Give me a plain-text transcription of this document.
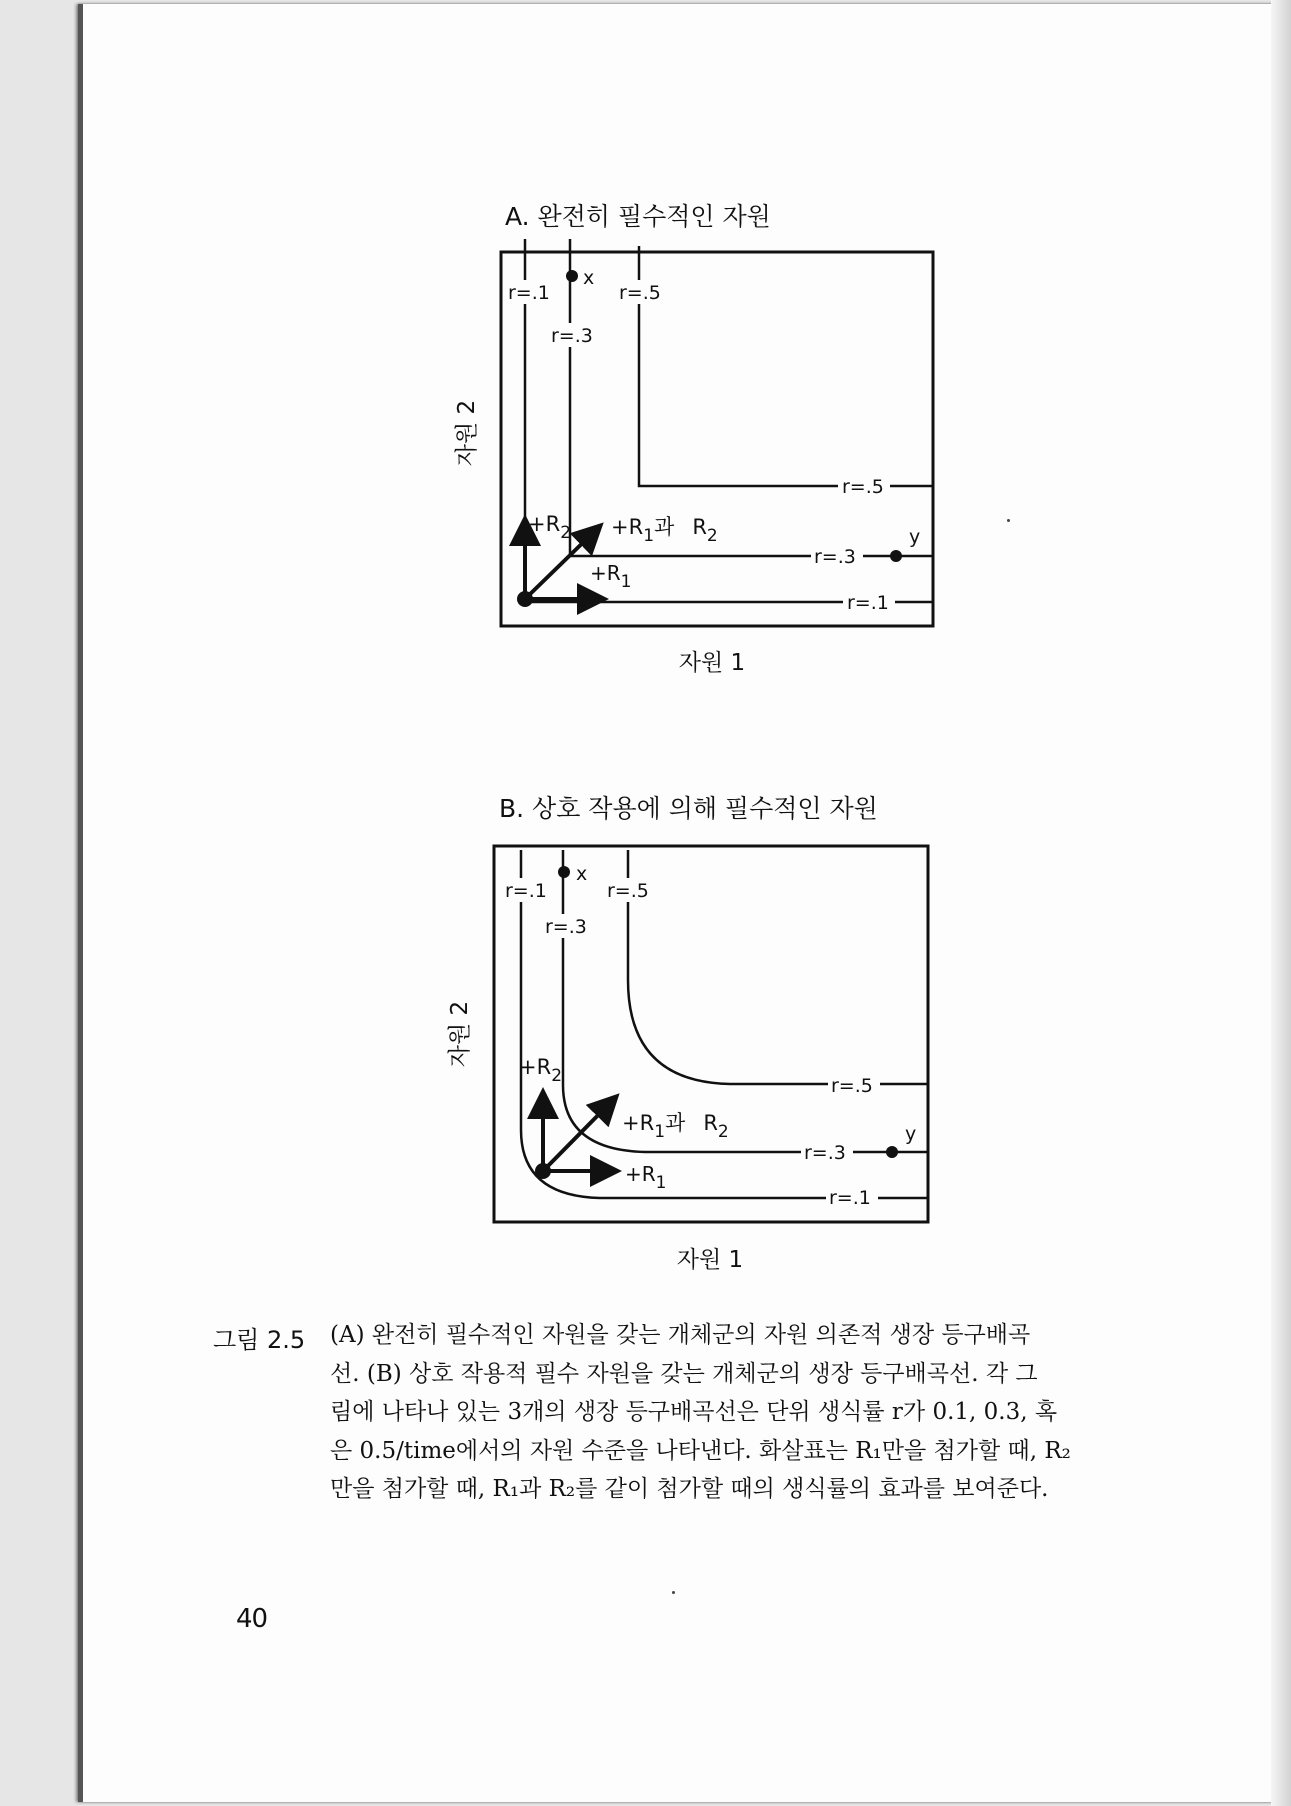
A. 완전히 필수적인 자원
r=.1
r=.3
r=.5
r=.5
r=.3
r=.1
x
y
$+R_2 +R_1$과 $R_2$
$+R_1$
자원 2
자원 1
B. 상호 작용에 의해 필수적인 자원
r=.1
r=.3
r=.5
r=.5
r=.3
r=.1
x
y
$+R_2$
$+R_1$과 $R_2$
$+R_1$
자원 2
자원 1
그림 2.5 (A) 완전히 필수적인 자원을 갖는 개체군의 자원 의존적 생장 등구배곡
선. (B) 상호 작용적 필수 자원을 갖는 개체군의 생장 등구배곡선. 각 그
림에 나타나 있는 3개의 생장 등구배곡선은 단위 생식률 r가 0.1, 0.3, 혹
은 0.5/time에서의 자원 수준을 나타낸다. 화살표는 R₁만을 첨가할 때, R₂
만을 첨가할 때, R₁과 R₂를 같이 첨가할 때의 생식률의 효과를 보여준다.
40
